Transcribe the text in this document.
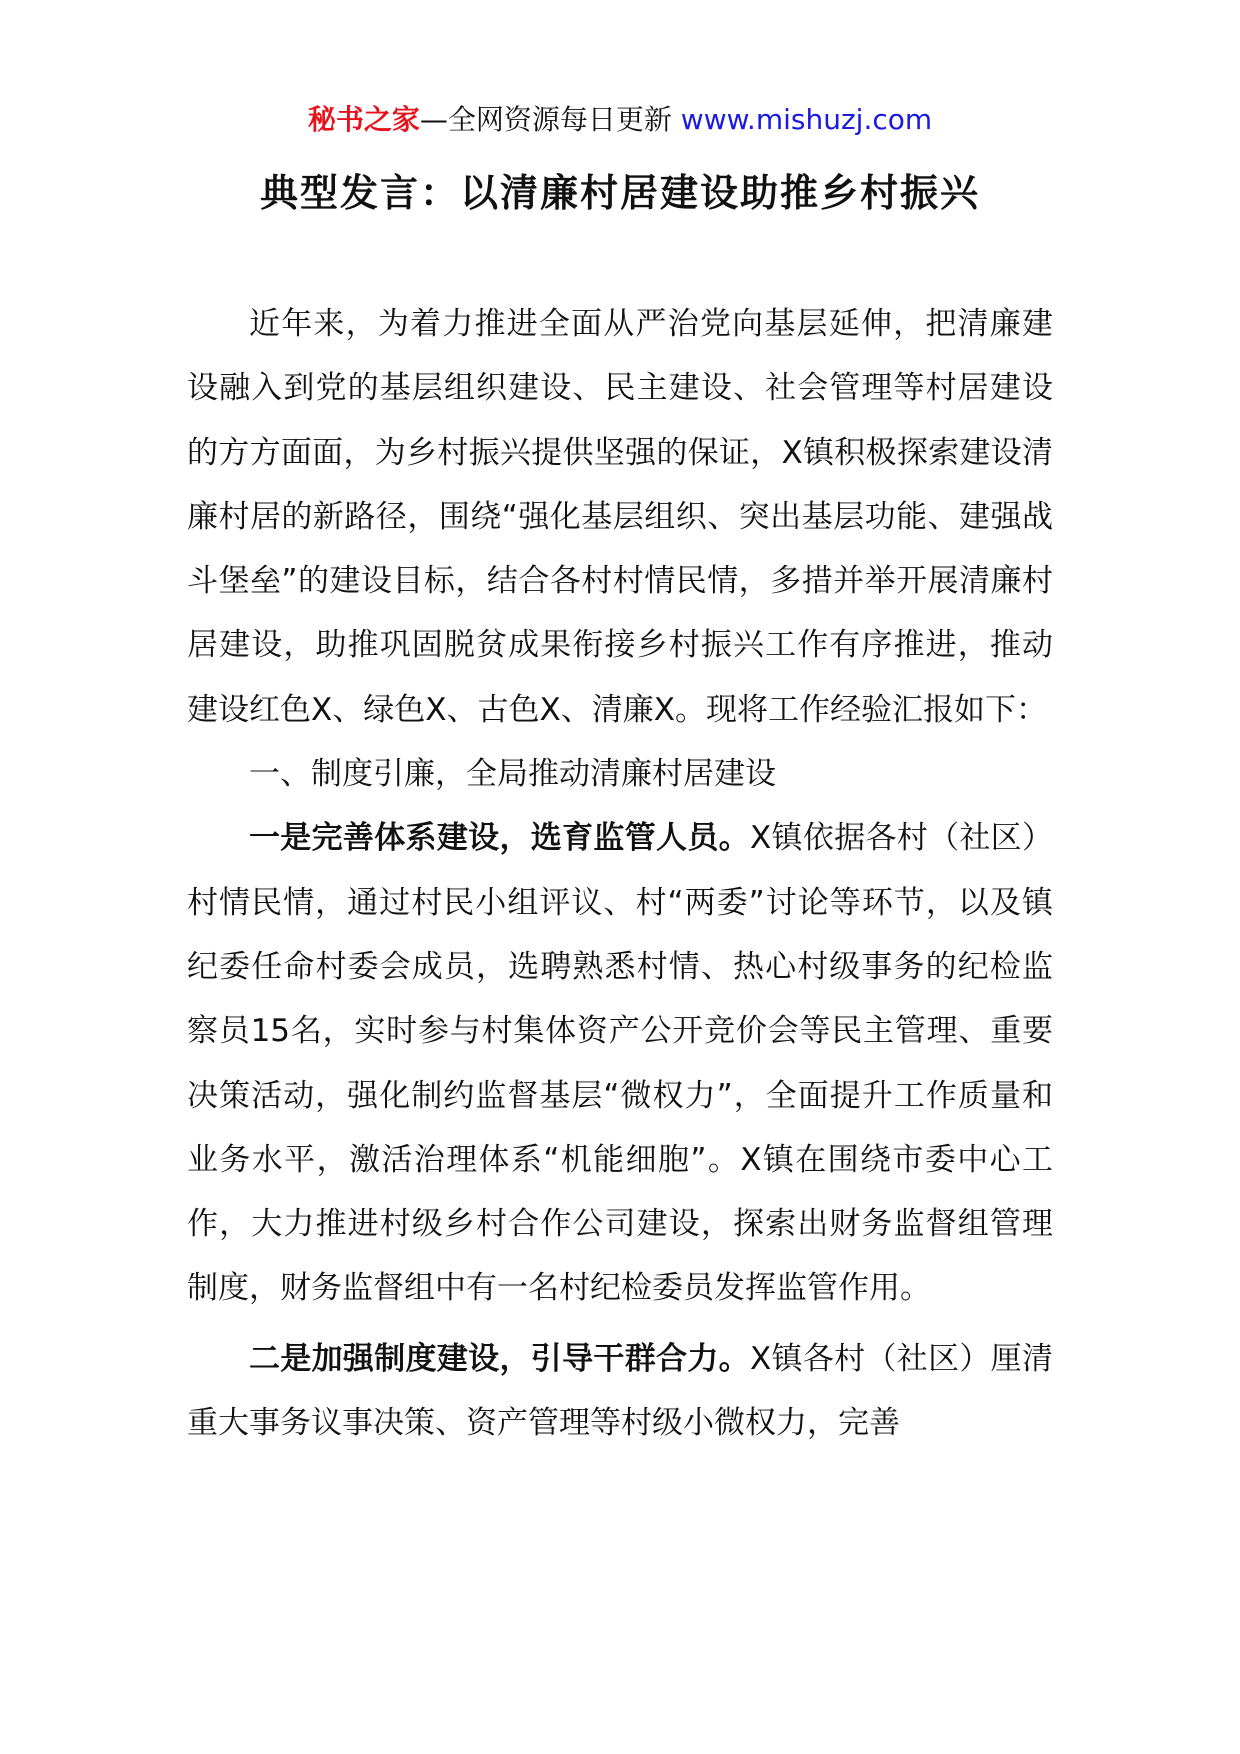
秘书之家—全网资源每日更新 www.mishuzj.com
典型发言：以清廉村居建设助推乡村振兴

近年来，为着力推进全面从严治党向基层延伸，把清廉建设融入到党的基层组织建设、民主建设、社会管理等村居建设的方方面面，为乡村振兴提供坚强的保证，X镇积极探索建设清廉村居的新路径，围绕“强化基层组织、突出基层功能、建强战斗堡垒”的建设目标，结合各村村情民情，多措并举开展清廉村居建设，助推巩固脱贫成果衔接乡村振兴工作有序推进，推动建设红色X、绿色X、古色X、清廉X。现将工作经验汇报如下：

一、制度引廉，全局推动清廉村居建设

一是完善体系建设，选育监管人员。X镇依据各村（社区）村情民情，通过村民小组评议、村“两委”讨论等环节，以及镇纪委任命村委会成员，选聘熟悉村情、热心村级事务的纪检监察员15名，实时参与村集体资产公开竞价会等民主管理、重要决策活动，强化制约监督基层“微权力”，全面提升工作质量和业务水平，激活治理体系“机能细胞”。X镇在围绕市委中心工作，大力推进村级乡村合作公司建设，探索出财务监督组管理制度，财务监督组中有一名村纪检委员发挥监管作用。

二是加强制度建设，引导干群合力。X镇各村（社区）厘清重大事务议事决策、资产管理等村级小微权力，完善
